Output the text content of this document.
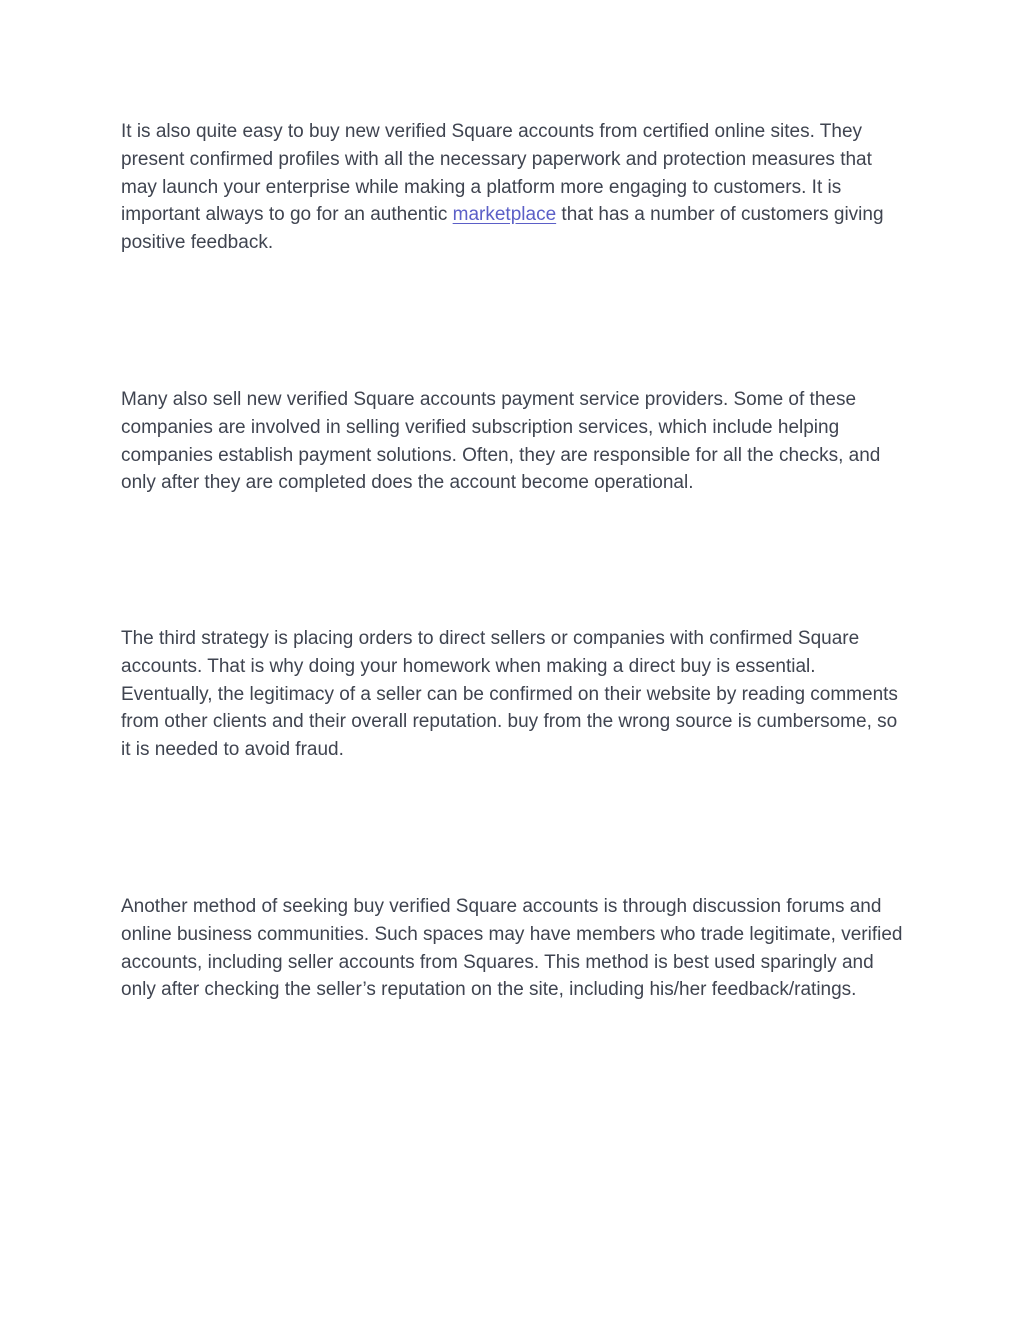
It is also quite easy to buy new verified Square accounts from certified online sites. They present confirmed profiles with all the necessary paperwork and protection measures that may launch your enterprise while making a platform more engaging to customers. It is important always to go for an authentic marketplace that has a number of customers giving positive feedback.

Many also sell new verified Square accounts payment service providers. Some of these companies are involved in selling verified subscription services, which include helping companies establish payment solutions. Often, they are responsible for all the checks, and only after they are completed does the account become operational.

The third strategy is placing orders to direct sellers or companies with confirmed Square accounts. That is why doing your homework when making a direct buy is essential. Eventually, the legitimacy of a seller can be confirmed on their website by reading comments from other clients and their overall reputation. buy from the wrong source is cumbersome, so it is needed to avoid fraud.

Another method of seeking buy verified Square accounts is through discussion forums and online business communities. Such spaces may have members who trade legitimate, verified accounts, including seller accounts from Squares. This method is best used sparingly and only after checking the seller’s reputation on the site, including his/her feedback/ratings.
